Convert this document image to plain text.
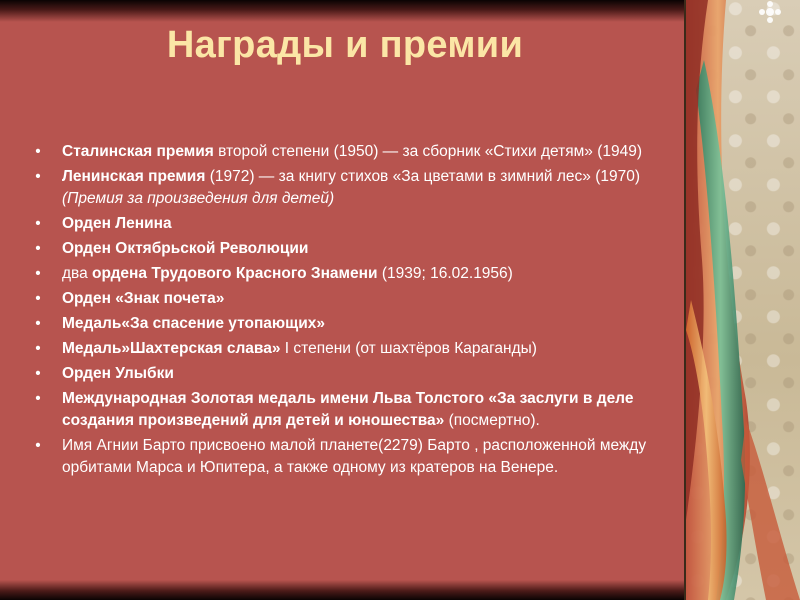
Награды и премии
• Сталинская премия второй степени (1950) — за сборник «Стихи детям» (1949)
• Ленинская премия (1972) — за книгу стихов «За цветами в зимний лес» (1970) (Премия за произведения для детей)
• Орден Ленина
• Орден Октябрьской Революции
• два ордена Трудового Красного Знамени (1939; 16.02.1956)
• Орден «Знак почета»
• Медаль«За спасение утопающих»
• Медаль»Шахтерская слава» I степени (от шахтёров Караганды)
• Орден Улыбки
• Международная Золотая медаль имени Льва Толстого «За заслуги в деле создания произведений для детей и юношества» (посмертно).
• Имя Агнии Барто присвоено малой планете(2279) Барто , расположенной между орбитами Марса и Юпитера, а также одному из кратеров на Венере.
